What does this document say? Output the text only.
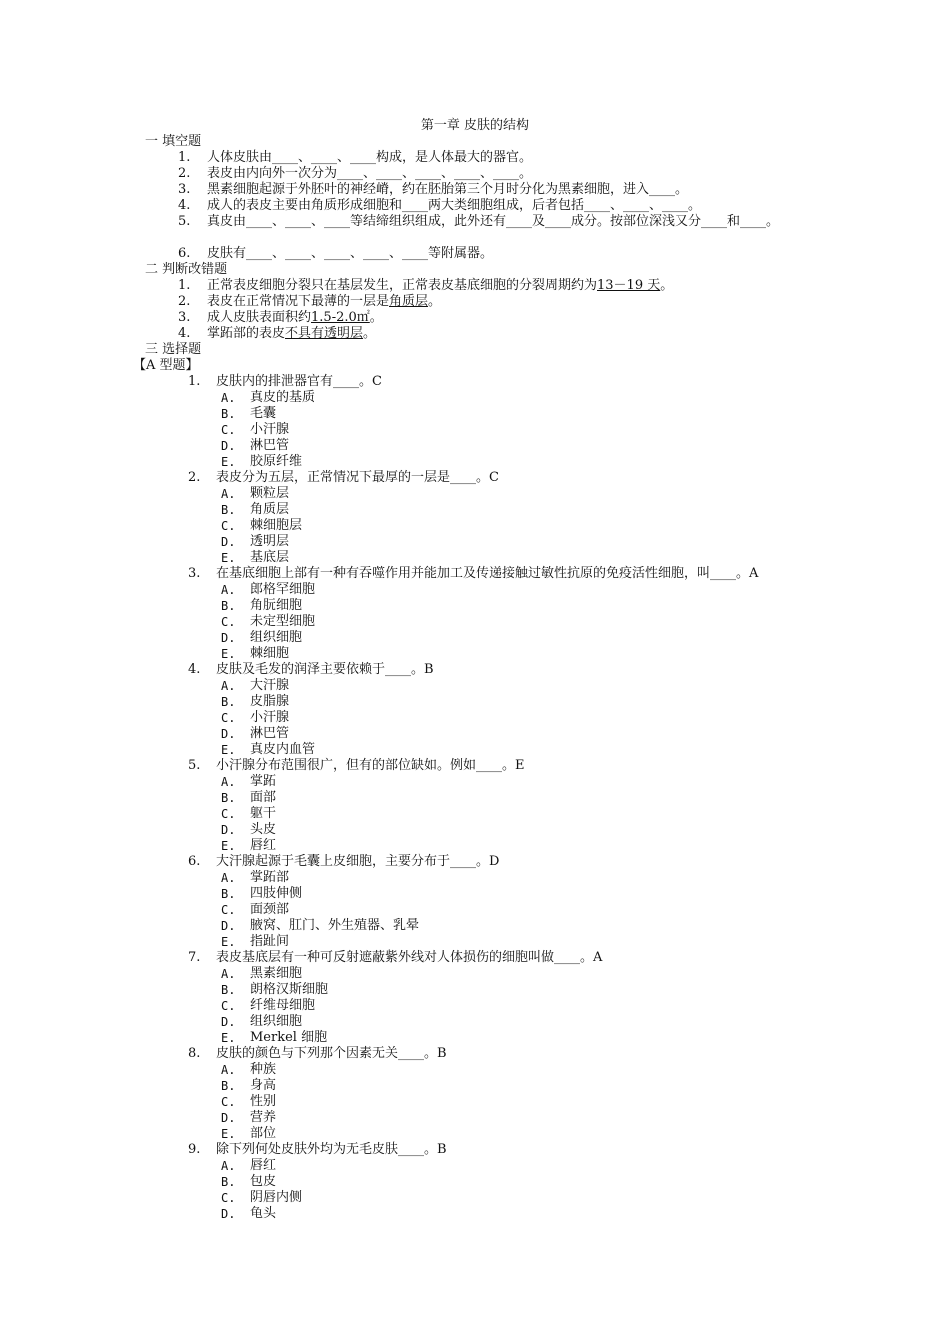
第一章 皮肤的结构
一 填空题
1. 人体皮肤由____、____、____构成，是人体最大的器官。
2. 表皮由内向外一次分为____、____、____、____、____。
3. 黑素细胞起源于外胚叶的神经嵴，约在胚胎第三个月时分化为黑素细胞，进入____。
4. 成人的表皮主要由角质形成细胞和____两大类细胞组成，后者包括____、____、____。
5. 真皮由____、____、____等结缔组织组成，此外还有____及____成分。按部位深浅又分____和____。
6. 皮肤有____、____、____、____、____等附属器。
二 判断改错题
1. 正常表皮细胞分裂只在基层发生，正常表皮基底细胞的分裂周期约为13－19 天。
2. 表皮在正常情况下最薄的一层是角质层。
3. 成人皮肤表面积约1.5-2.0㎡。
4. 掌跖部的表皮不具有透明层。
三 选择题
【A 型题】
1. 皮肤内的排泄器官有____。C
A. 真皮的基质
B. 毛囊
C. 小汗腺
D. 淋巴管
E. 胶原纤维
2. 表皮分为五层，正常情况下最厚的一层是____。C
A. 颗粒层
B. 角质层
C. 棘细胞层
D. 透明层
E. 基底层
3. 在基底细胞上部有一种有吞噬作用并能加工及传递接触过敏性抗原的免疫活性细胞，叫____。A
A. 郎格罕细胞
B. 角朊细胞
C. 未定型细胞
D. 组织细胞
E. 棘细胞
4. 皮肤及毛发的润泽主要依赖于____。B
A. 大汗腺
B. 皮脂腺
C. 小汗腺
D. 淋巴管
E. 真皮内血管
5. 小汗腺分布范围很广，但有的部位缺如。例如____。E
A. 掌跖
B. 面部
C. 躯干
D. 头皮
E. 唇红
6. 大汗腺起源于毛囊上皮细胞，主要分布于____。D
A. 掌跖部
B. 四肢伸侧
C. 面颈部
D. 腋窝、肛门、外生殖器、乳晕
E. 指趾间
7. 表皮基底层有一种可反射遮蔽紫外线对人体损伤的细胞叫做____。A
A. 黑素细胞
B. 朗格汉斯细胞
C. 纤维母细胞
D. 组织细胞
E. Merkel 细胞
8. 皮肤的颜色与下列那个因素无关____。B
A. 种族
B. 身高
C. 性别
D. 营养
E. 部位
9. 除下列何处皮肤外均为无毛皮肤____。B
A. 唇红
B. 包皮
C. 阴唇内侧
D. 龟头
